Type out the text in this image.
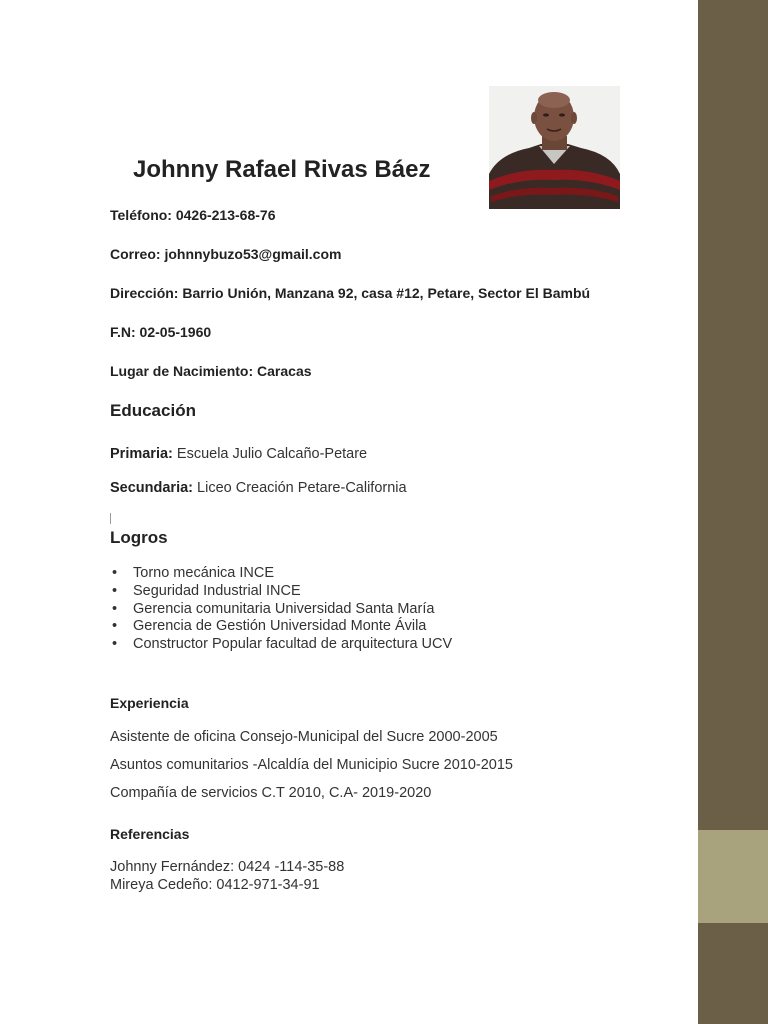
Johnny Rafael Rivas Báez

Teléfono: 0426-213-68-76

Correo: johnnybuzo53@gmail.com

Dirección: Barrio Unión, Manzana 92, casa #12, Petare, Sector El Bambú

F.N: 02-05-1960

Lugar de Nacimiento: Caracas

Educación

Primaria: Escuela Julio Calcaño-Petare

Secundaria: Liceo Creación Petare-California

Logros
• Torno mecánica INCE
• Seguridad Industrial INCE
• Gerencia comunitaria Universidad Santa María
• Gerencia de Gestión Universidad Monte Ávila
• Constructor Popular facultad de arquitectura UCV
Experiencia

Asistente de oficina Consejo-Municipal del Sucre 2000-2005

Asuntos comunitarios -Alcaldía del Municipio Sucre 2010-2015

Compañía de servicios C.T 2010, C.A- 2019-2020

Referencias
Johnny Fernández: 0424 -114-35-88
Mireya Cedeño: 0412-971-34-91
